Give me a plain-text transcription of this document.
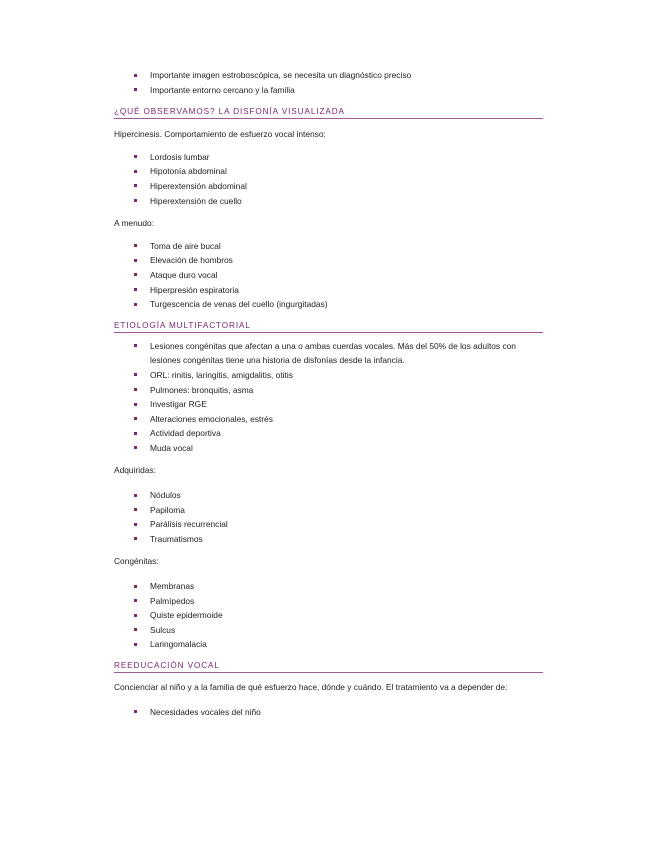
Importante imagen estroboscópica, se necesita un diagnóstico preciso
Importante entorno cercano y la familia
¿QUÉ OBSERVAMOS? LA DISFONÍA VISUALIZADA
Hipercinesis. Comportamiento de esfuerzo vocal intenso:
Lordosis lumbar
Hipotonía abdominal
Hiperextensión abdominal
Hiperextensión de cuello
A menudo:
Toma de aire bucal
Elevación de hombros
Ataque duro vocal
Hiperpresión espiratoria
Turgescencia de venas del cuello (ingurgitadas)
ETIOLOGÍA MULTIFACTORIAL
Lesiones congénitas que afectan a una o ambas cuerdas vocales. Más del 50% de los adultos con lesiones congénitas tiene una historia de disfonías desde la infancia.
ORL: rinitis, laringitis, amigdalitis, otitis
Pulmones: bronquitis, asma
Investigar RGE
Alteraciones emocionales, estrés
Actividad deportiva
Muda vocal
Adquiridas:
Nódulos
Papiloma
Parálisis recurrencial
Traumatismos
Congénitas:
Membranas
Palmípedos
Quiste epidermoide
Sulcus
Laringomalacia
REEDUCACIÓN VOCAL
Concienciar al niño y a la familia de qué esfuerzo hace, dónde y cuándo. El tratamiento va a depender de:
Necesidades vocales del niño
